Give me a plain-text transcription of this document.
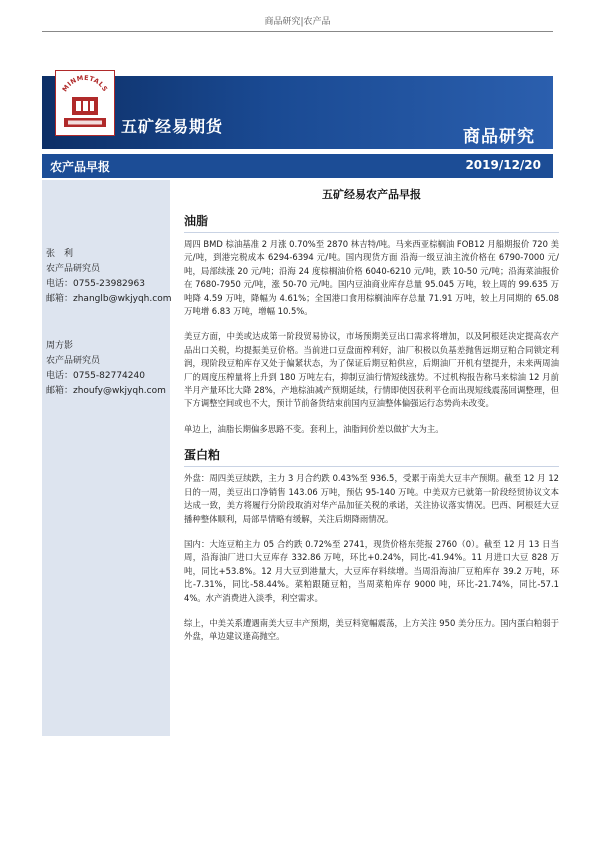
商品研究|农产品
MINMETALS
五矿经易期货
商品研究
农产品早报	2019/12/20
张　利
农产品研究员
电话：0755-23982963
邮箱：zhanglb@wkjyqh.com
周方影
农产品研究员
电话：0755-82774240
邮箱：zhoufy@wkjyqh.com
五矿经易农产品早报
油脂

周四 BMD 棕油基准 2 月涨 0.70%至 2870 林吉特/吨。马来西亚棕榈油 FOB12 月船期报价 720 美元/吨，到港完税成本 6294-6394 元/吨。国内现货方面 沿海一级豆油主流价格在 6790-7000 元/吨，局部续涨 20 元/吨；沿海 24 度棕榈油价格 6040-6210 元/吨，跌 10-50 元/吨；沿海菜油报价在 7680-7950 元/吨，涨 50-70 元/吨。国内豆油商业库存总量 95.045 万吨，较上周的 99.635 万吨降 4.59 万吨，降幅为 4.61%；全国港口食用棕榈油库存总量 71.91 万吨，较上月同期的 65.08 万吨增 6.83 万吨，增幅 10.5%。

美豆方面，中美或达成第一阶段贸易协议，市场预期美豆出口需求将增加，以及阿根廷决定提高农产品出口关税，均提振美豆价格。当前进口豆盘面榨利好，油厂积极以负基差抛售远期豆粕合同锁定利润，现阶段豆粕库存又处于偏紧状态，为了保证后期豆粕供应，后期油厂开机有望提升，未来两周油厂的周度压榨量将上升到 180 万吨左右，抑制豆油行情短线涨势。不过机构报告称马来棕油 12 月前半月产量环比大降 28%，产地棕油减产预期延续，行情即使因获利平仓而出现短线震荡回调整理，但下方调整空间或也不大，预计节前备货结束前国内豆油整体偏强运行态势尚未改变。

单边上，油脂长期偏多思路不变。套利上，油脂间价差以做扩大为主。

蛋白粕

外盘：周四美豆续跌，主力 3 月合约跌 0.43%至 936.5，受累于南美大豆丰产预期。截至 12 月 12 日的一周，美豆出口净销售 143.06 万吨，预估 95-140 万吨。中美双方已就第一阶段经贸协议文本达成一致，美方将履行分阶段取消对华产品加征关税的承诺，关注协议落实情况。巴西、阿根廷大豆播种整体顺利，局部旱情略有缓解，关注后期降雨情况。

国内：大连豆粕主力 05 合约跌 0.72%至 2741，现货价格东莞报 2760（0）。截至 12 月 13 日当周，沿海油厂进口大豆库存 332.86 万吨，环比+0.24%，同比-41.94%。11 月进口大豆 828 万吨，同比+53.8%。12 月大豆到港量大，大豆库存料续增。当周沿海油厂豆粕库存 39.2 万吨，环比-7.31%，同比-58.44%。菜粕跟随豆粕，当周菜粕库存 9000 吨，环比-21.74%，同比-57.14%。水产消费进入淡季，利空需求。

综上，中美关系遭遇南美大豆丰产预期，美豆料宽幅震荡，上方关注 950 美分压力。国内蛋白粕弱于外盘，单边建议逢高抛空。
